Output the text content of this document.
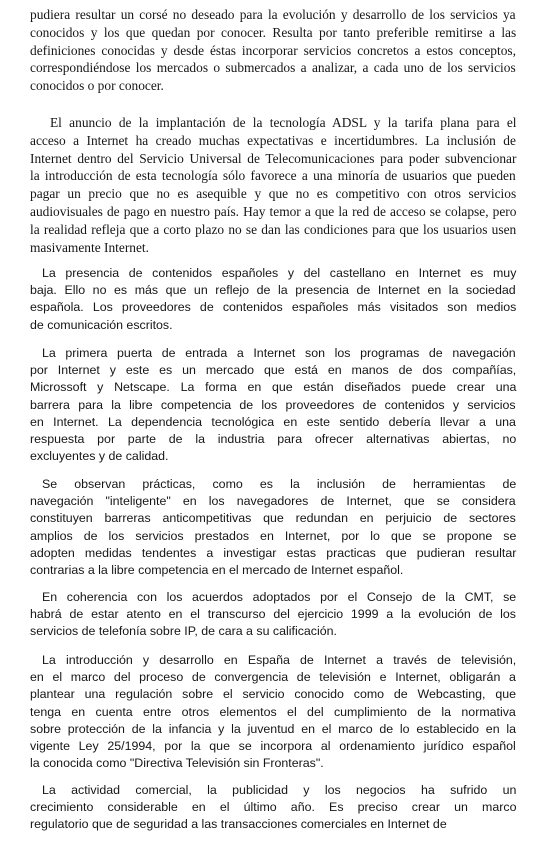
pudiera resultar un corsé no deseado para la evolución y desarrollo de los servicios ya
conocidos y los que quedan por conocer. Resulta por tanto preferible remitirse a las
definiciones conocidas y desde éstas incorporar servicios concretos a estos conceptos,
correspondiéndose los mercados o submercados a analizar, a cada uno de los servicios
conocidos o por conocer.
El anuncio de la implantación de la tecnología ADSL y la tarifa plana para el
acceso a Internet ha creado muchas expectativas e incertidumbres. La inclusión de
Internet dentro del Servicio Universal de Telecomunicaciones para poder subvencionar
la introducción de esta tecnología sólo favorece a una minoría de usuarios que pueden
pagar un precio que no es asequible y que no es competitivo con otros servicios
audiovisuales de pago en nuestro país. Hay temor a que la red de acceso se colapse, pero
la realidad refleja que a corto plazo no se dan las condiciones para que los usuarios usen
masivamente Internet.
La presencia de contenidos españoles y del castellano en Internet es muy
baja. Ello no es más que un reflejo de la presencia de Internet en la sociedad
española. Los proveedores de contenidos españoles más visitados son medios
de comunicación escritos.
La primera puerta de entrada a Internet son los programas de navegación
por Internet y este es un mercado que está en manos de dos compañías,
Microssoft y Netscape. La forma en que están diseñados puede crear una
barrera para la libre competencia de los proveedores de contenidos y servicios
en Internet. La dependencia tecnológica en este sentido debería llevar a una
respuesta por parte de la industria para ofrecer alternativas abiertas, no
excluyentes y de calidad.
Se observan prácticas, como es la inclusión de herramientas de
navegación "inteligente" en los navegadores de Internet, que se considera
constituyen barreras anticompetitivas que redundan en perjuicio de sectores
amplios de los servicios prestados en Internet, por lo que se propone se
adopten medidas tendentes a investigar estas practicas que pudieran resultar
contrarias a la libre competencia en el mercado de Internet español.
En coherencia con los acuerdos adoptados por el Consejo de la CMT, se
habrá de estar atento en el transcurso del ejercicio 1999 a la evolución de los
servicios de telefonía sobre IP, de cara a su calificación.
La introducción y desarrollo en España de Internet a través de televisión,
en el marco del proceso de convergencia de televisión e Internet, obligarán a
plantear una regulación sobre el servicio conocido como de Webcasting, que
tenga en cuenta entre otros elementos el del cumplimiento de la normativa
sobre protección de la infancia y la juventud en el marco de lo establecido en la
vigente Ley 25/1994, por la que se incorpora al ordenamiento jurídico español
la conocida como "Directiva Televisión sin Fronteras".
La actividad comercial, la publicidad y los negocios ha sufrido un
crecimiento considerable en el último año. Es preciso crear un marco
regulatorio que de seguridad a las transacciones comerciales en Internet de
